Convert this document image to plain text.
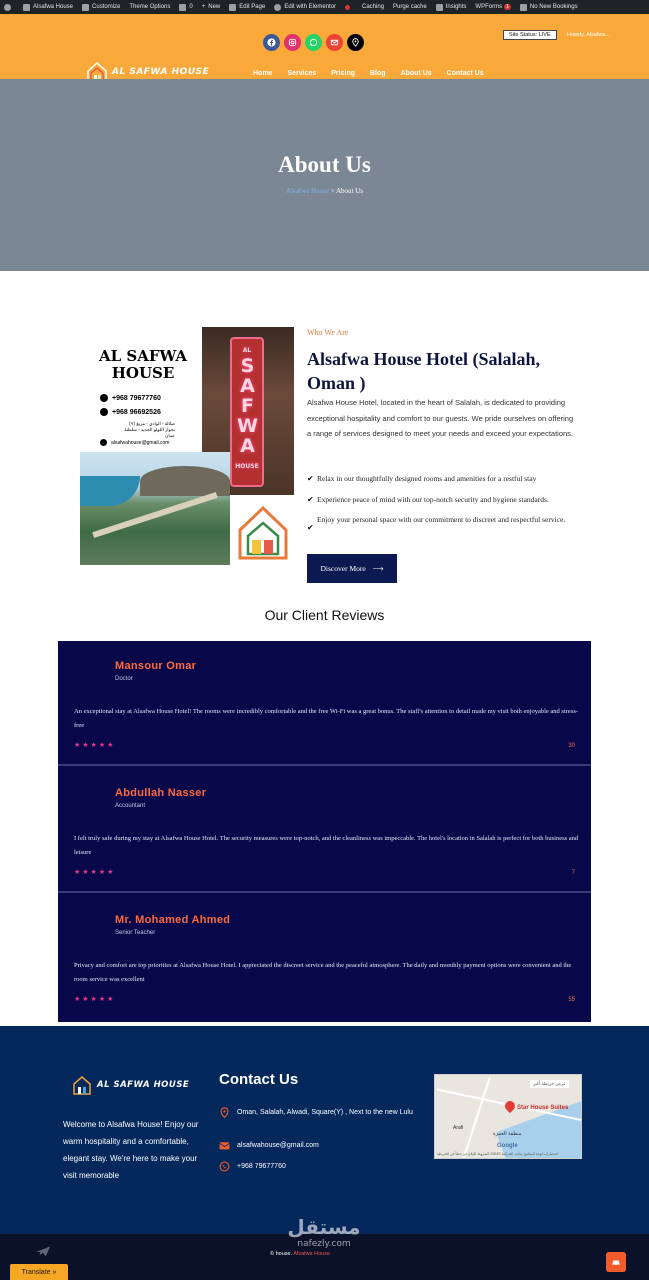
Alsafwa House	Customize Theme Options	0 + New	Edit Page	Edit with Elementor	Caching Purge cache	Insights WPForms 1	No New Bookings
Site Status: LIVE	Howdy, Alsafwa...
AL SAFWA HOUSE	Home Services Pricing Blog About Us Contact Us
About Us
Alsafwa House > About Us
AL SAFWA
HOUSE
+968 79677760
+968 96692526
صلالة - الوادي - مربع (Y)
بجوار اللولو الجديد - سلطنة عمان
alsafwahouse@gmail.com
AL
SAFWA
HOUSE
Who We Are
Alsafwa House Hotel (Salalah, Oman )
Alsafwa House Hotel, located in the heart of Salalah, is dedicated to providing exceptional hospitality and comfort to our guests. We pride ourselves on offering a range of services designed to meet your needs and exceed your expectations.
✔ Relax in our thoughtfully designed rooms and amenities for a restful stay
✔ Experience peace of mind with our top-notch security and hygiene standards.
✔
Enjoy your personal space with our commitment to discreet and respectful service.
Discover More ⟶
Our Client Reviews
Mansour Omar
Doctor
An exceptional stay at Alsafwa House Hotel! The rooms were incredibly comfortable and the free Wi-Fi was a great bonus. The staff's attention to detail made my visit both enjoyable and stress-free
★★★★★	30
Abdullah Nasser
Accountant
I felt truly safe during my stay at Alsafwa House Hotel. The security measures were top-notch, and the cleanliness was impeccable. The hotel's location in Salalah is perfect for both business and leisure
★★★★★	7
Mr. Mohamed Ahmed
Senior Teacher
Privacy and comfort are top priorities at Alsafwa House Hotel. I appreciated the discreet service and the peaceful atmosphere. The daily and monthly payment options were convenient and the room service was excellent
★★★★★	55
AL SAFWA HOUSE
Welcome to Alsafwa House! Enjoy our warm hospitality and a comfortable, elegant stay. We're here to make your visit memorable
Contact Us
Oman, Salalah, Alwadi, Square(Y) , Next to the new Lulu
alsafwahouse@gmail.com
+968 79677760
عرض خريطة أكبر
Star House Suites
منطقة العمرة
Arafi
Google
اختصارات لوحة المفاتيح بيانات الخرائط ©2024 الشروط الإبلاغ عن خطأ في الخريطة
© house. Alsafwa House
Translate »
مستقل
nafezly.com
